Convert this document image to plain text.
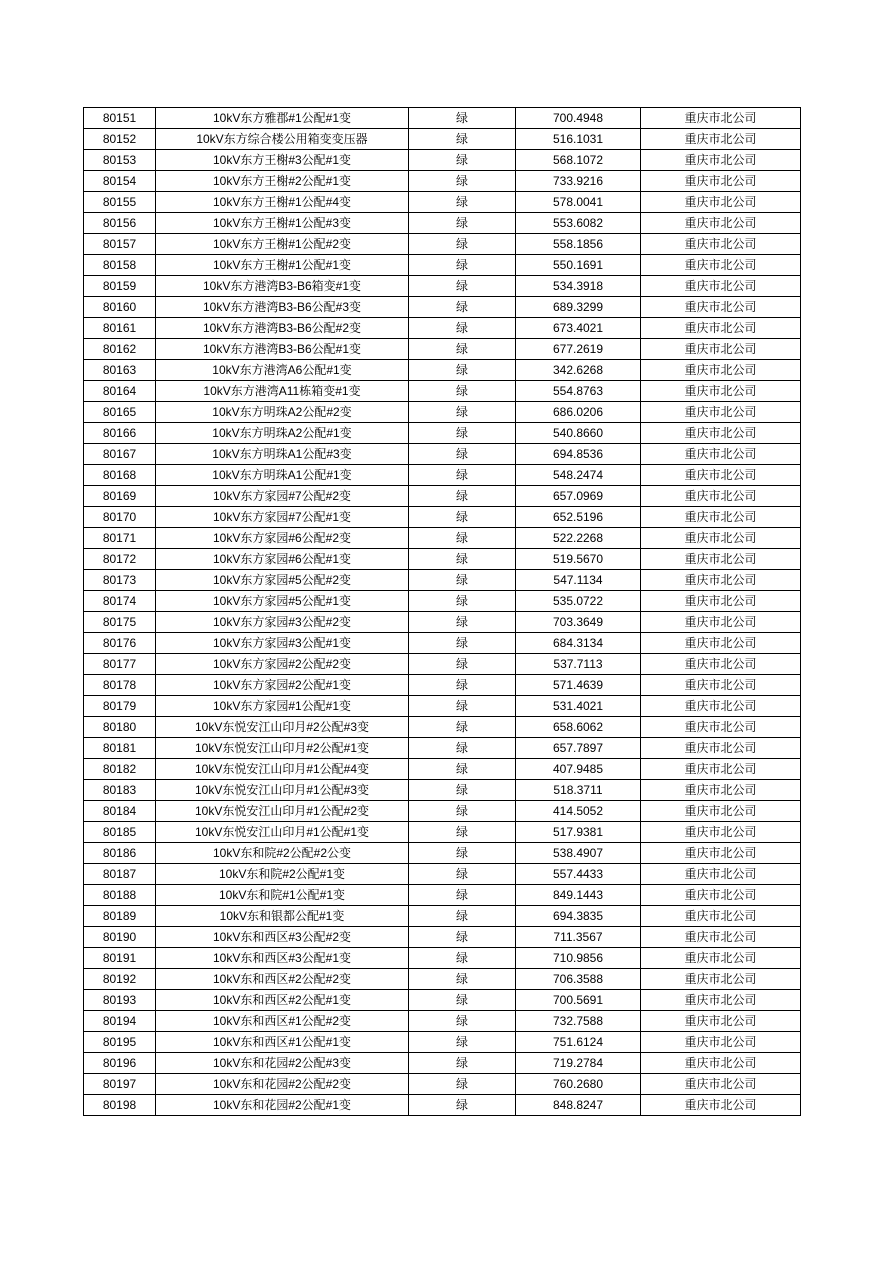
80151	10kV东方雅郡#1公配#1变	绿	700.4948	重庆市北公司
80152	10kV东方综合楼公用箱变变压器	绿	516.1031	重庆市北公司
80153	10kV东方王榭#3公配#1变	绿	568.1072	重庆市北公司
80154	10kV东方王榭#2公配#1变	绿	733.9216	重庆市北公司
80155	10kV东方王榭#1公配#4变	绿	578.0041	重庆市北公司
80156	10kV东方王榭#1公配#3变	绿	553.6082	重庆市北公司
80157	10kV东方王榭#1公配#2变	绿	558.1856	重庆市北公司
80158	10kV东方王榭#1公配#1变	绿	550.1691	重庆市北公司
80159	10kV东方港湾B3-B6箱变#1变	绿	534.3918	重庆市北公司
80160	10kV东方港湾B3-B6公配#3变	绿	689.3299	重庆市北公司
80161	10kV东方港湾B3-B6公配#2变	绿	673.4021	重庆市北公司
80162	10kV东方港湾B3-B6公配#1变	绿	677.2619	重庆市北公司
80163	10kV东方港湾A6公配#1变	绿	342.6268	重庆市北公司
80164	10kV东方港湾A11栋箱变#1变	绿	554.8763	重庆市北公司
80165	10kV东方明珠A2公配#2变	绿	686.0206	重庆市北公司
80166	10kV东方明珠A2公配#1变	绿	540.8660	重庆市北公司
80167	10kV东方明珠A1公配#3变	绿	694.8536	重庆市北公司
80168	10kV东方明珠A1公配#1变	绿	548.2474	重庆市北公司
80169	10kV东方家园#7公配#2变	绿	657.0969	重庆市北公司
80170	10kV东方家园#7公配#1变	绿	652.5196	重庆市北公司
80171	10kV东方家园#6公配#2变	绿	522.2268	重庆市北公司
80172	10kV东方家园#6公配#1变	绿	519.5670	重庆市北公司
80173	10kV东方家园#5公配#2变	绿	547.1134	重庆市北公司
80174	10kV东方家园#5公配#1变	绿	535.0722	重庆市北公司
80175	10kV东方家园#3公配#2变	绿	703.3649	重庆市北公司
80176	10kV东方家园#3公配#1变	绿	684.3134	重庆市北公司
80177	10kV东方家园#2公配#2变	绿	537.7113	重庆市北公司
80178	10kV东方家园#2公配#1变	绿	571.4639	重庆市北公司
80179	10kV东方家园#1公配#1变	绿	531.4021	重庆市北公司
80180	10kV东悦安江山印月#2公配#3变	绿	658.6062	重庆市北公司
80181	10kV东悦安江山印月#2公配#1变	绿	657.7897	重庆市北公司
80182	10kV东悦安江山印月#1公配#4变	绿	407.9485	重庆市北公司
80183	10kV东悦安江山印月#1公配#3变	绿	518.3711	重庆市北公司
80184	10kV东悦安江山印月#1公配#2变	绿	414.5052	重庆市北公司
80185	10kV东悦安江山印月#1公配#1变	绿	517.9381	重庆市北公司
80186	10kV东和院#2公配#2公变	绿	538.4907	重庆市北公司
80187	10kV东和院#2公配#1变	绿	557.4433	重庆市北公司
80188	10kV东和院#1公配#1变	绿	849.1443	重庆市北公司
80189	10kV东和银都公配#1变	绿	694.3835	重庆市北公司
80190	10kV东和西区#3公配#2变	绿	711.3567	重庆市北公司
80191	10kV东和西区#3公配#1变	绿	710.9856	重庆市北公司
80192	10kV东和西区#2公配#2变	绿	706.3588	重庆市北公司
80193	10kV东和西区#2公配#1变	绿	700.5691	重庆市北公司
80194	10kV东和西区#1公配#2变	绿	732.7588	重庆市北公司
80195	10kV东和西区#1公配#1变	绿	751.6124	重庆市北公司
80196	10kV东和花园#2公配#3变	绿	719.2784	重庆市北公司
80197	10kV东和花园#2公配#2变	绿	760.2680	重庆市北公司
80198	10kV东和花园#2公配#1变	绿	848.8247	重庆市北公司
